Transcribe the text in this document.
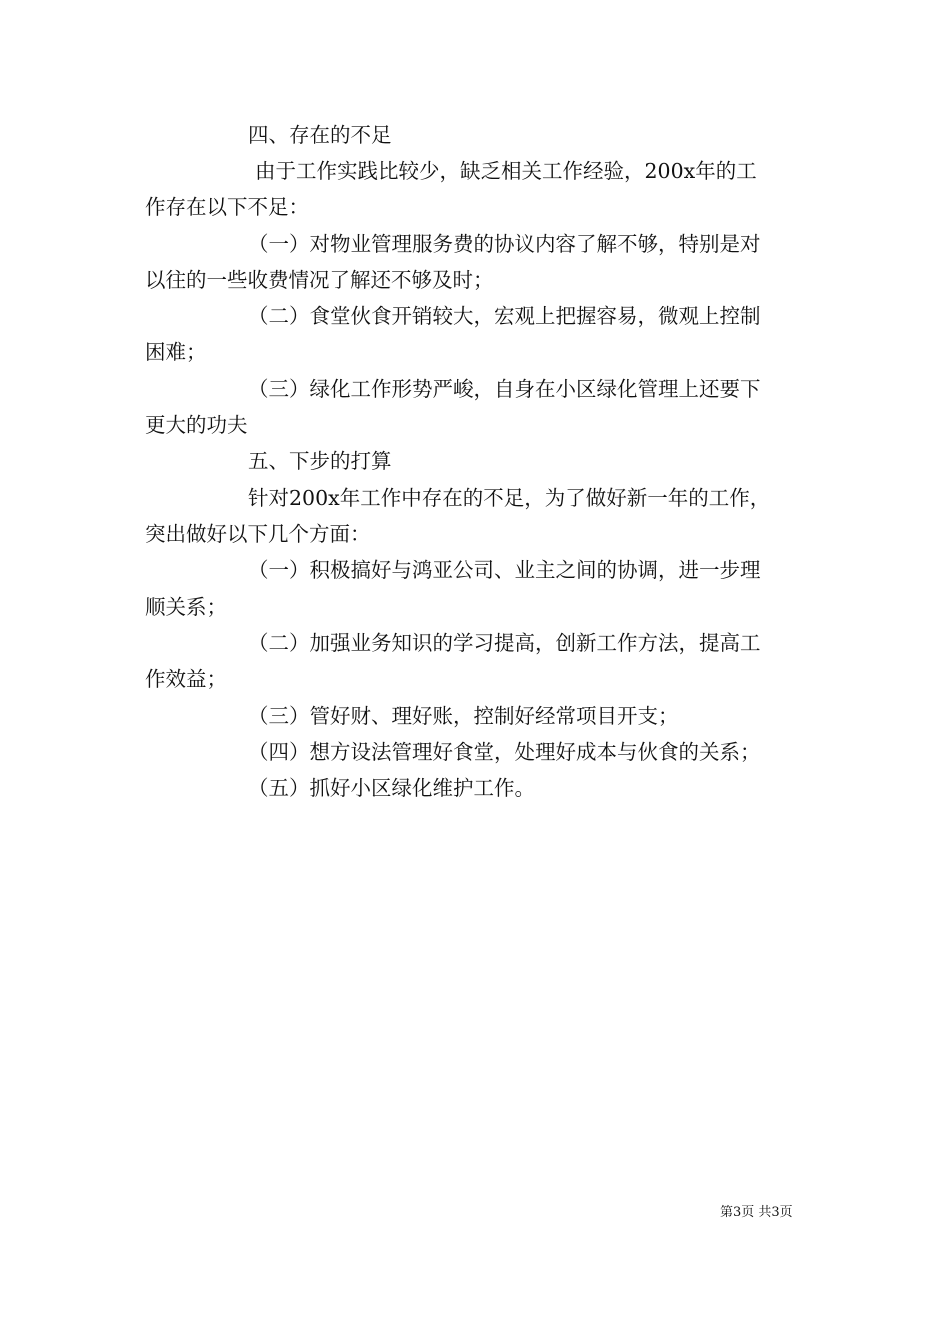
四、存在的不足
由于工作实践比较少，缺乏相关工作经验，200x年的工
作存在以下不足：
（一）对物业管理服务费的协议内容了解不够，特别是对
以往的一些收费情况了解还不够及时；
（二）食堂伙食开销较大，宏观上把握容易，微观上控制
困难；
（三）绿化工作形势严峻，自身在小区绿化管理上还要下
更大的功夫
五、下步的打算
针对200x年工作中存在的不足，为了做好新一年的工作，
突出做好以下几个方面：
（一）积极搞好与鸿亚公司、业主之间的协调，进一步理
顺关系；
（二）加强业务知识的学习提高，创新工作方法，提高工
作效益；
（三）管好财、理好账，控制好经常项目开支；
（四）想方设法管理好食堂，处理好成本与伙食的关系；
（五）抓好小区绿化维护工作。
第3页 共3页
